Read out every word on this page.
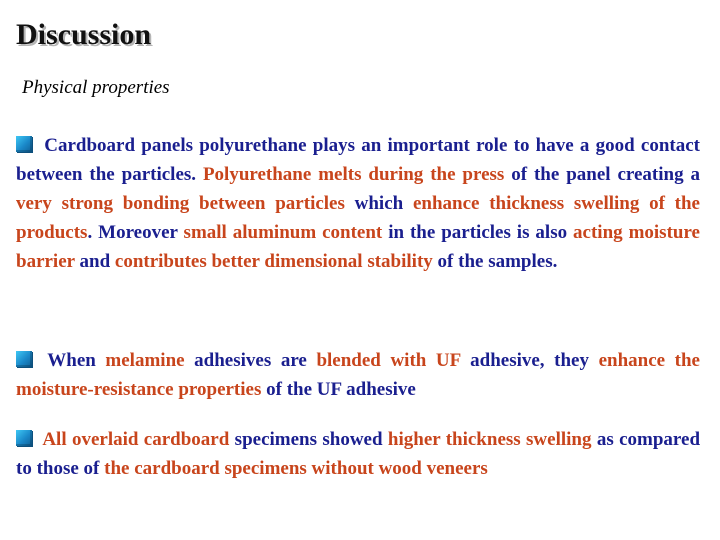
Discussion

Physical properties

Cardboard panels polyurethane plays an important role to have a good contact between the particles. Polyurethane melts during the press of the panel creating a very strong bonding between particles which enhance thickness swelling of the products. Moreover small aluminum content in the particles is also acting moisture barrier and contributes better dimensional stability of the samples.

When melamine adhesives are blended with UF adhesive, they enhance the moisture-resistance properties of the UF adhesive

All overlaid cardboard specimens showed higher thickness swelling as compared to those of the cardboard specimens without wood veneers
